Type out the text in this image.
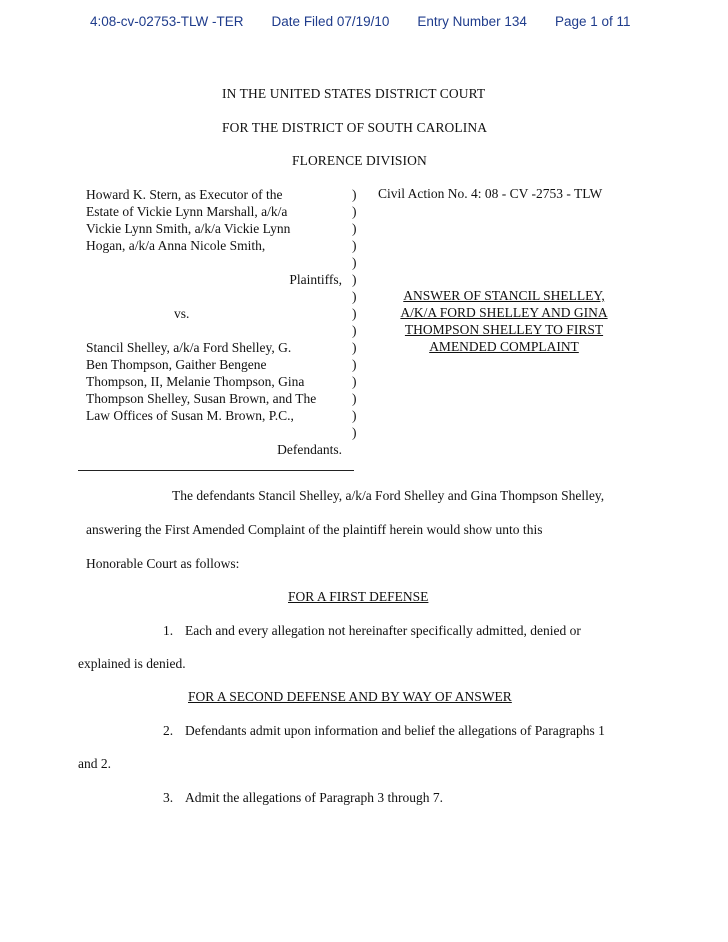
4:08-cv-02753-TLW -TER Date Filed 07/19/10 Entry Number 134 Page 1 of 11
IN THE UNITED STATES DISTRICT COURT
FOR THE DISTRICT OF SOUTH CAROLINA
FLORENCE DIVISION
Howard K. Stern, as Executor of the
Estate of Vickie Lynn Marshall, a/k/a
Vickie Lynn Smith, a/k/a Vickie Lynn
Hogan, a/k/a Anna Nicole Smith,
Plaintiffs,
vs.
Stancil Shelley, a/k/a Ford Shelley, G.
Ben Thompson, Gaither Bengene
Thompson, II, Melanie Thompson, Gina
Thompson Shelley, Susan Brown, and The
Law Offices of Susan M. Brown, P.C.,
Defendants.
)
)
)
)
)
)
)
)
)
)
)
)
)
)
)
Civil Action No. 4: 08 - CV -2753 - TLW
ANSWER OF STANCIL SHELLEY,
A/K/A FORD SHELLEY AND GINA
THOMPSON SHELLEY TO FIRST
AMENDED COMPLAINT
The defendants Stancil Shelley, a/k/a Ford Shelley and Gina Thompson Shelley,
answering the First Amended Complaint of the plaintiff herein would show unto this
Honorable Court as follows:
FOR A FIRST DEFENSE
1. Each and every allegation not hereinafter specifically admitted, denied or
explained is denied.
FOR A SECOND DEFENSE AND BY WAY OF ANSWER
2. Defendants admit upon information and belief the allegations of Paragraphs 1
and 2.
3. Admit the allegations of Paragraph 3 through 7.
